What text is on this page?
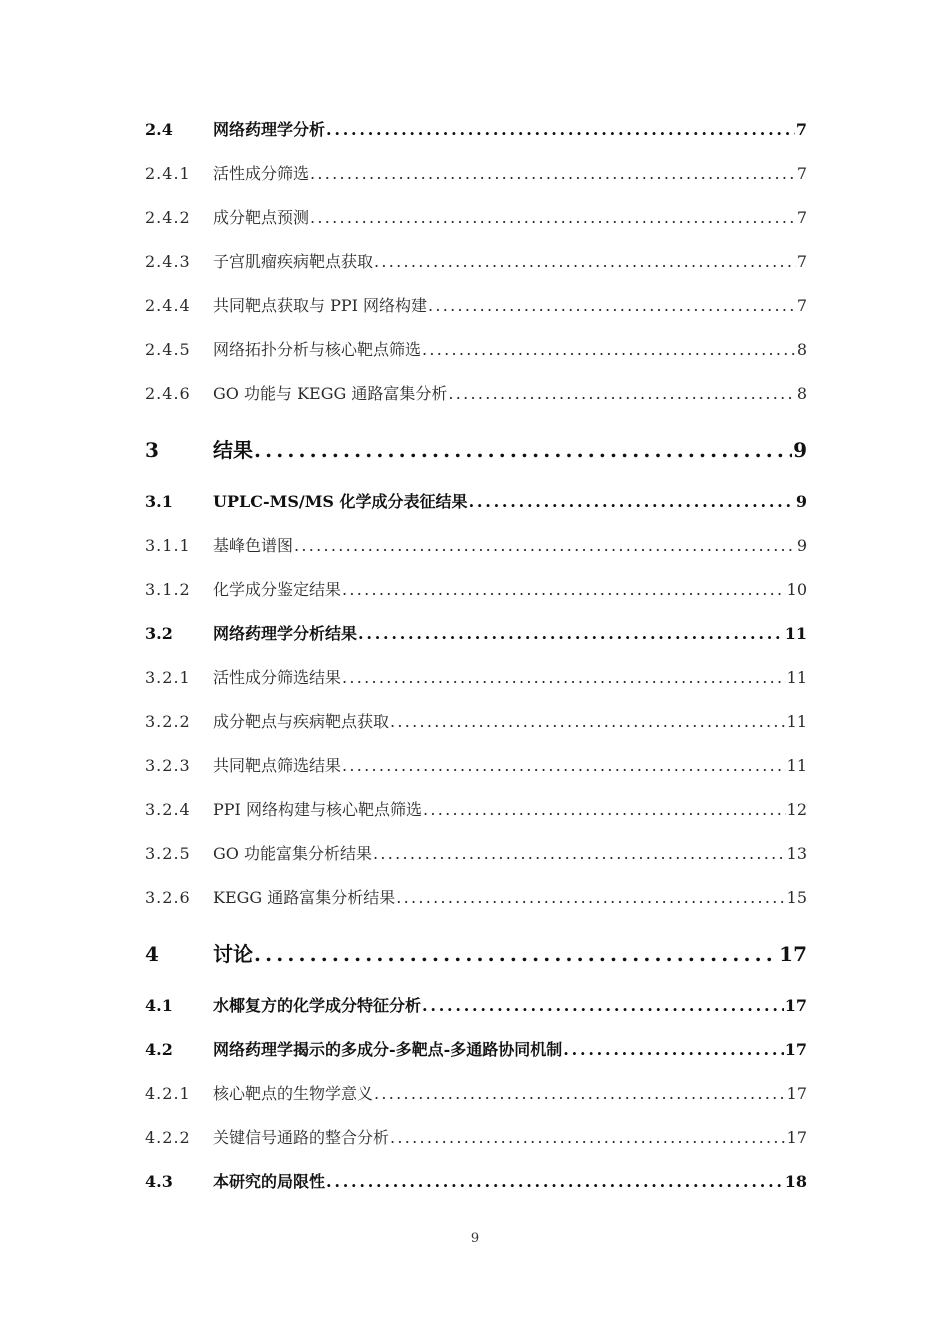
2.4	网络药理学分析 . . .	7
2.4.1	活性成分筛选 . . .	7
2.4.2	成分靶点预测 . . .	7
2.4.3	子宫肌瘤疾病靶点获取 . . .	7
2.4.4	共同靶点获取与 PPI 网络构建 . . .	7
2.4.5	网络拓扑分析与核心靶点筛选 . . .	8
2.4.6	GO 功能与 KEGG 通路富集分析 . . .	8
3	结果 . . .	9
3.1	UPLC-MS/MS 化学成分表征结果 . . .	9
3.1.1	基峰色谱图 . . .	9
3.1.2	化学成分鉴定结果 . . .	10
3.2	网络药理学分析结果 . . .	11
3.2.1	活性成分筛选结果 . . .	11
3.2.2	成分靶点与疾病靶点获取 . . .	11
3.2.3	共同靶点筛选结果 . . .	11
3.2.4	PPI 网络构建与核心靶点筛选 . . .	12
3.2.5	GO 功能富集分析结果 . . .	13
3.2.6	KEGG 通路富集分析结果 . . .	15
4	讨论 . . .	17
4.1	水椰复方的化学成分特征分析 . . .	17
4.2	网络药理学揭示的多成分-多靶点-多通路协同机制 . . .	17
4.2.1	核心靶点的生物学意义 . . .	17
4.2.2	关键信号通路的整合分析 . . .	17
4.3	本研究的局限性 . . .	18
9
